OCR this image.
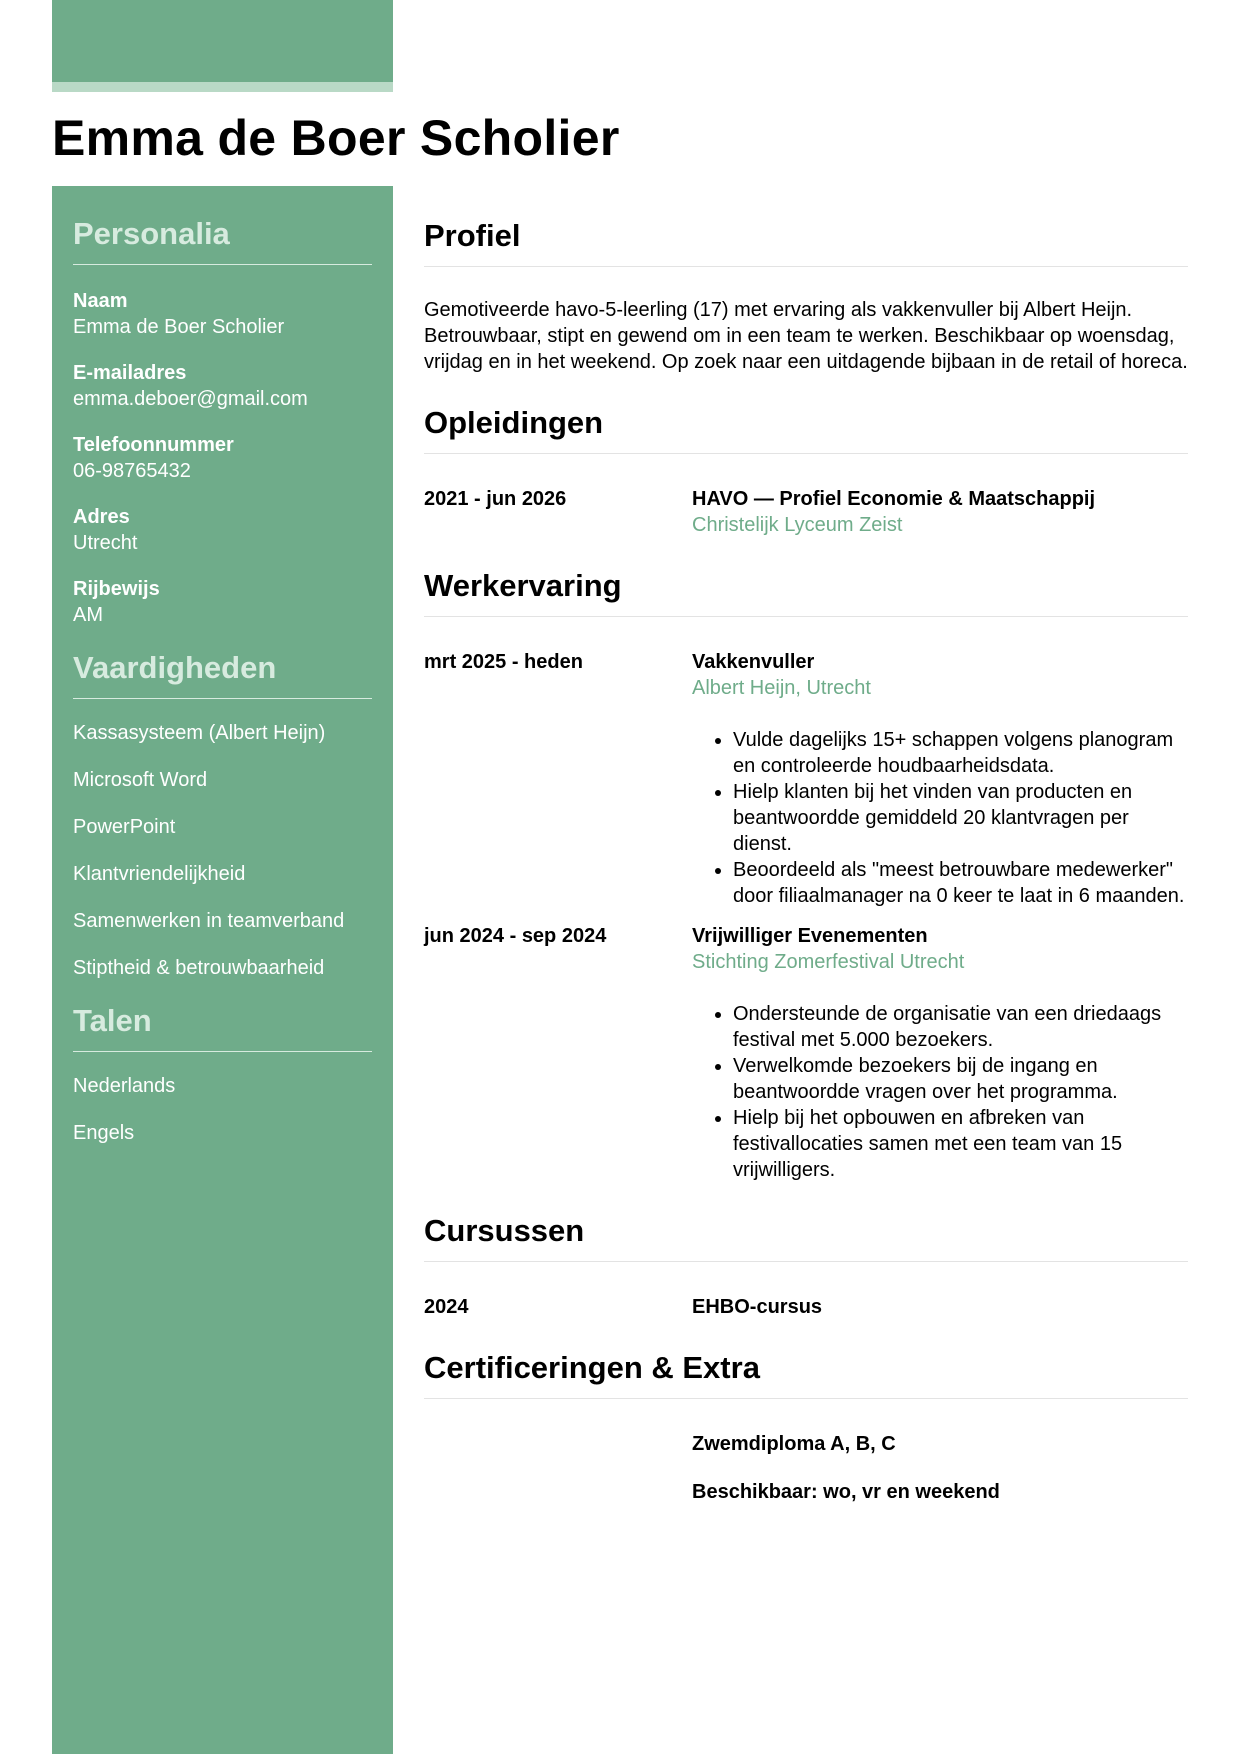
Emma de Boer Scholier
Personalia
Naam
Emma de Boer Scholier
E-mailadres
emma.deboer@gmail.com
Telefoonnummer
06-98765432
Adres
Utrecht
Rijbewijs
AM
Vaardigheden
Kassasysteem (Albert Heijn)
Microsoft Word
PowerPoint
Klantvriendelijkheid
Samenwerken in teamverband
Stiptheid & betrouwbaarheid
Talen
Nederlands
Engels
Profiel
Gemotiveerde havo-5-leerling (17) met ervaring als vakkenvuller bij Albert Heijn. Betrouwbaar, stipt en gewend om in een team te werken. Beschikbaar op woensdag, vrijdag en in het weekend. Op zoek naar een uitdagende bijbaan in de retail of horeca.
Opleidingen
2021 - jun 2026	HAVO — Profiel Economie & Maatschappij
Christelijk Lyceum Zeist
Werkervaring
mrt 2025 - heden	Vakkenvuller
Albert Heijn, Utrecht
• Vulde dagelijks 15+ schappen volgens planogram en controleerde houdbaarheidsdata.
• Hielp klanten bij het vinden van producten en beantwoordde gemiddeld 20 klantvragen per dienst.
• Beoordeeld als "meest betrouwbare medewerker" door filiaalmanager na 0 keer te laat in 6 maanden.
jun 2024 - sep 2024	Vrijwilliger Evenementen
Stichting Zomerfestival Utrecht
• Ondersteunde de organisatie van een driedaags festival met 5.000 bezoekers.
• Verwelkomde bezoekers bij de ingang en beantwoordde vragen over het programma.
• Hielp bij het opbouwen en afbreken van festivallocaties samen met een team van 15 vrijwilligers.
Cursussen
2024	EHBO-cursus
Certificeringen & Extra
Zwemdiploma A, B, C
Beschikbaar: wo, vr en weekend
